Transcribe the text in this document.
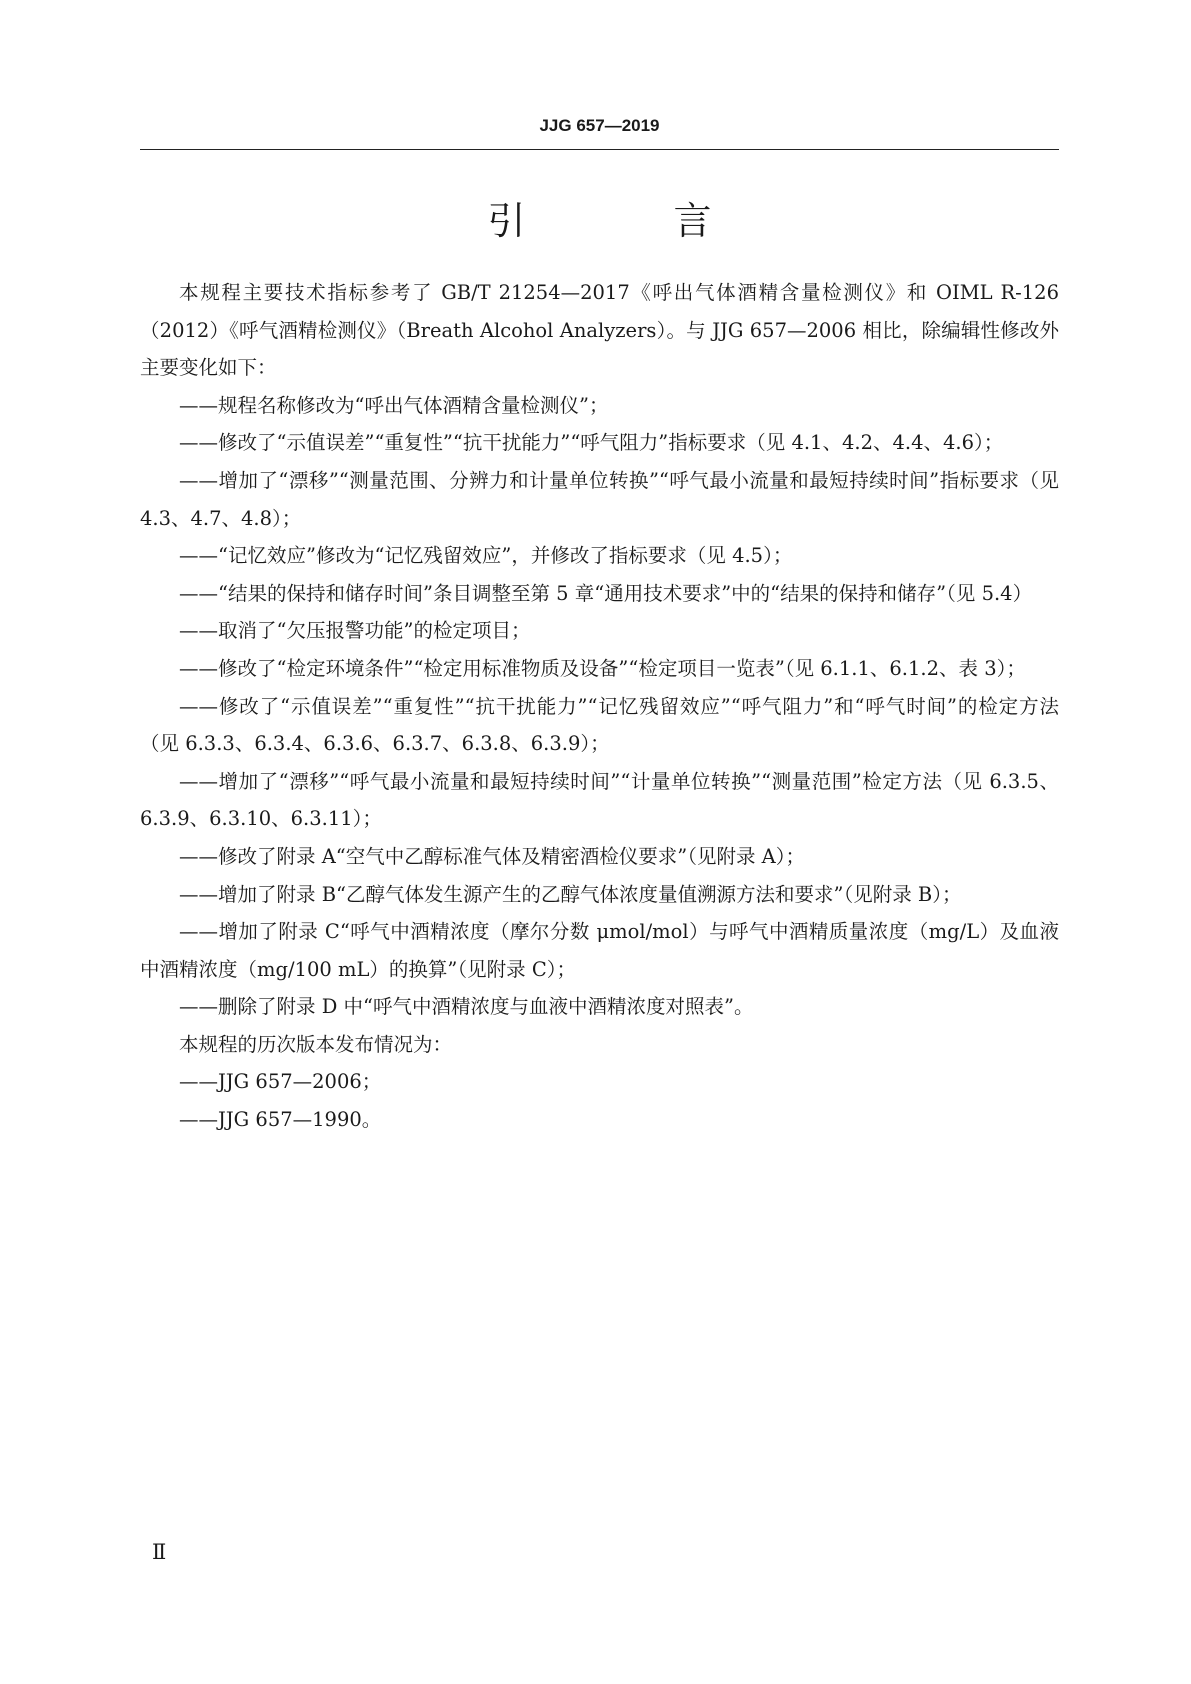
JJG 657—2019
引 言

本规程主要技术指标参考了 GB/T 21254—2017《呼出气体酒精含量检测仪》和 OIML R-126（2012）《呼气酒精检测仪》（Breath Alcohol Analyzers）。与 JJG 657—2006 相比，除编辑性修改外主要变化如下：

——规程名称修改为“呼出气体酒精含量检测仪”；

——修改了“示值误差”“重复性”“抗干扰能力”“呼气阻力”指标要求（见 4.1、4.2、4.4、4.6）；

——增加了“漂移”“测量范围、分辨力和计量单位转换”“呼气最小流量和最短持续时间”指标要求（见 4.3、4.7、4.8）；

——“记忆效应”修改为“记忆残留效应”，并修改了指标要求（见 4.5）；

——“结果的保持和储存时间”条目调整至第 5 章“通用技术要求”中的“结果的保持和储存”（见 5.4）

——取消了“欠压报警功能”的检定项目；

——修改了“检定环境条件”“检定用标准物质及设备”“检定项目一览表”（见 6.1.1、6.1.2、表 3）；

——修改了“示值误差”“重复性”“抗干扰能力”“记忆残留效应”“呼气阻力”和“呼气时间”的检定方法（见 6.3.3、6.3.4、6.3.6、6.3.7、6.3.8、6.3.9）；

——增加了“漂移”“呼气最小流量和最短持续时间”“计量单位转换”“测量范围”检定方法（见 6.3.5、6.3.9、6.3.10、6.3.11）；

——修改了附录 A“空气中乙醇标准气体及精密酒检仪要求”（见附录 A）；

——增加了附录 B“乙醇气体发生源产生的乙醇气体浓度量值溯源方法和要求”（见附录 B）；

——增加了附录 C“呼气中酒精浓度（摩尔分数 μmol/mol）与呼气中酒精质量浓度（mg/L）及血液中酒精浓度（mg/100 mL）的换算”（见附录 C）；

——删除了附录 D 中“呼气中酒精浓度与血液中酒精浓度对照表”。

本规程的历次版本发布情况为：

——JJG 657—2006；

——JJG 657—1990。

Ⅱ
